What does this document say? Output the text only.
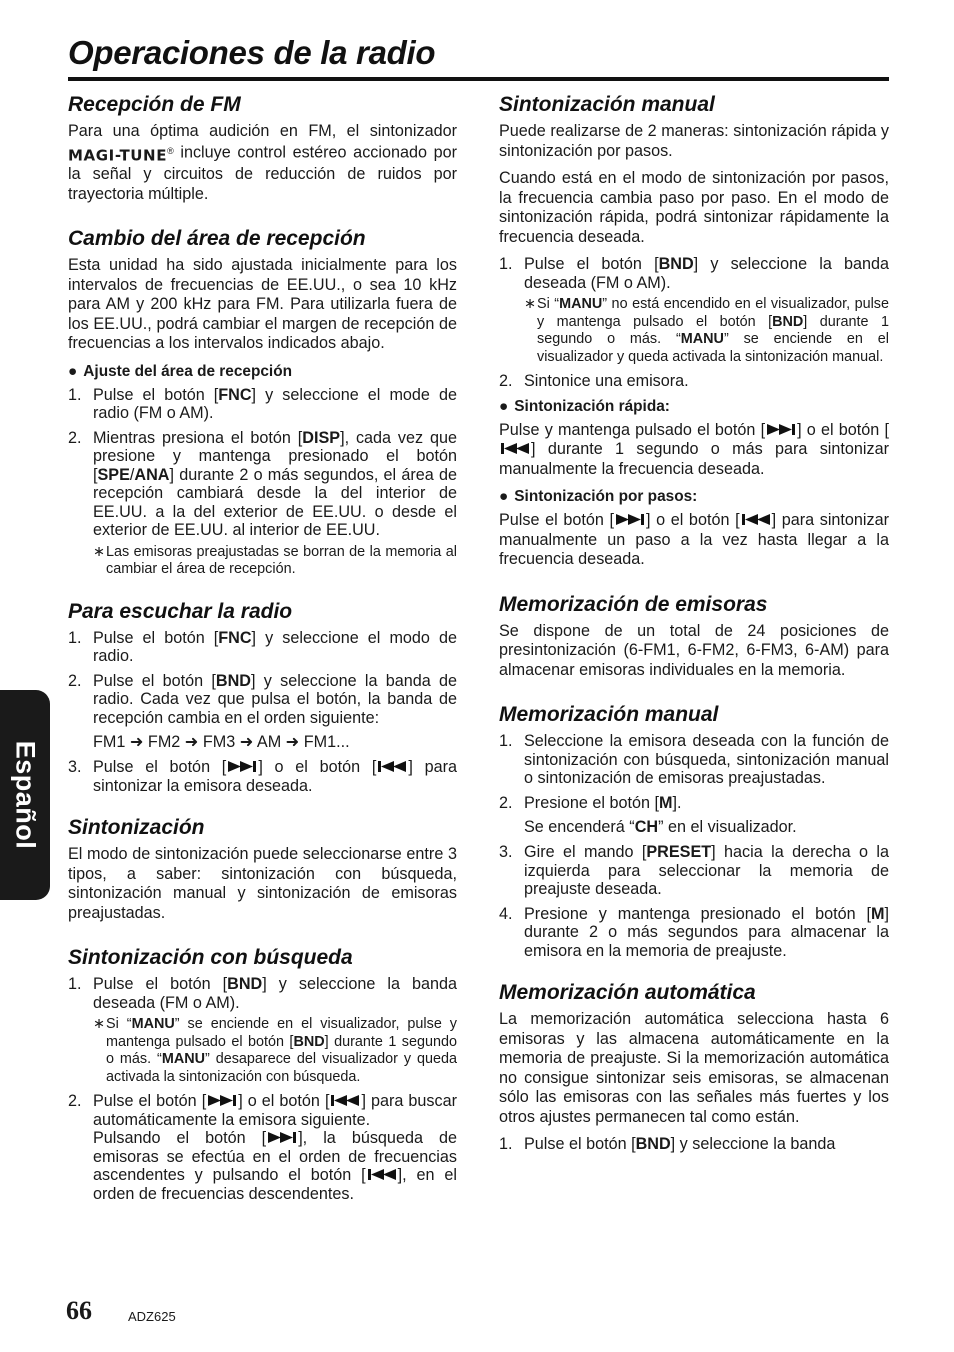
Operaciones de la radio
Español
Recepción de FM

Para una óptima audición en FM, el sintonizador MAGI-TUNE® incluye control estéreo accionado por la señal y circuitos de reducción de ruidos por trayectoria múltiple.

Cambio del área de recepción

Esta unidad ha sido ajustada inicialmente para los intervalos de frecuencias de EE.UU., o sea 10 kHz para AM y 200 kHz para FM. Para utilizarla fuera de los EE.UU., podrá cambiar el margen de recepción de frecuencias a los intervalos indicados abajo.

● Ajuste del área de recepción
1. Pulse el botón [FNC] y seleccione el mode de radio (FM o AM).
2. Mientras presiona el botón [DISP], cada vez que presione y mantenga presionado el botón [SPE/ANA] durante 2 o más segundos, el área de recepción cambiará desde la del interior de EE.UU. a la del exterior de EE.UU. o desde el exterior de EE.UU. al interior de EE.UU.
∗ Las emisoras preajustadas se borran de la memoria al cambiar el área de recepción.
Para escuchar la radio
1. Pulse el botón [FNC] y seleccione el modo de radio.
2. Pulse el botón [BND] y seleccione la banda de radio. Cada vez que pulsa el botón, la banda de recepción cambia en el orden siguiente:
FM1 ➜ FM2 ➜ FM3 ➜ AM ➜ FM1...
3. Pulse el botón [ ] o el botón [ ] para sintonizar la emisora deseada.
Sintonización

El modo de sintonización puede seleccionarse entre 3 tipos, a saber: sintonización con búsqueda, sintonización manual y sintonización de emisoras preajustadas.

Sintonización con búsqueda
1. Pulse el botón [BND] y seleccione la banda deseada (FM o AM).
∗ Si “MANU” se enciende en el visualizador, pulse y mantenga pulsado el botón [BND] durante 1 segundo o más. “MANU” desaparece del visualizador y queda activada la sintonización con búsqueda.
2. Pulse el botón [ ] o el botón [ ] para buscar automáticamente la emisora siguiente.
Pulsando el botón [ ], la búsqueda de emisoras se efectúa en el orden de frecuencias ascendentes y pulsando el botón [ ], en el orden de frecuencias descendentes.
Sintonización manual

Puede realizarse de 2 maneras: sintonización rápida y sintonización por pasos.

Cuando está en el modo de sintonización por pasos, la frecuencia cambia paso por paso. En el modo de sintonización rápida, podrá sintonizar rápidamente la frecuencia deseada.

1. Pulse el botón [BND] y seleccione la banda deseada (FM o AM).
∗ Si “MANU” no está encendido en el visualizador, pulse y mantenga pulsado el botón [BND] durante 1 segundo o más. “MANU” se enciende en el visualizador y queda activada la sintonización manual.
2. Sintonice una emisora.
● Sintonización rápida:

Pulse y mantenga pulsado el botón [ ] o el botón [] durante 1 segundo o más para sintonizar manualmente la frecuencia deseada.

● Sintonización por pasos:

Pulse el botón [ ] o el botón [ ] para sintonizar manualmente un paso a la vez hasta llegar a la frecuencia deseada.

Memorización de emisoras

Se dispone de un total de 24 posiciones de presintonización (6-FM1, 6-FM2, 6-FM3, 6-AM) para almacenar emisoras individuales en la memoria.

Memorización manual
1. Seleccione la emisora deseada con la función de sintonización con búsqueda, sintonización manual o sintonización de emisoras preajustadas.
2. Presione el botón [M].
Se encenderá “CH” en el visualizador.
3. Gire el mando [PRESET] hacia la derecha o la izquierda para seleccionar la memoria de preajuste deseada.
4. Presione y mantenga presionado el botón [M] durante 2 o más segundos para almacenar la emisora en la memoria de preajuste.
Memorización automática

La memorización automática selecciona hasta 6 emisoras y las almacena automáticamente en la memoria de preajuste. Si la memorización automática no consigue sintonizar seis emisoras, se almacenan sólo las emisoras con las señales más fuertes y los otros ajustes permanecen tal como están.

1. Pulse el botón [BND] y seleccione la banda
66	ADZ625
